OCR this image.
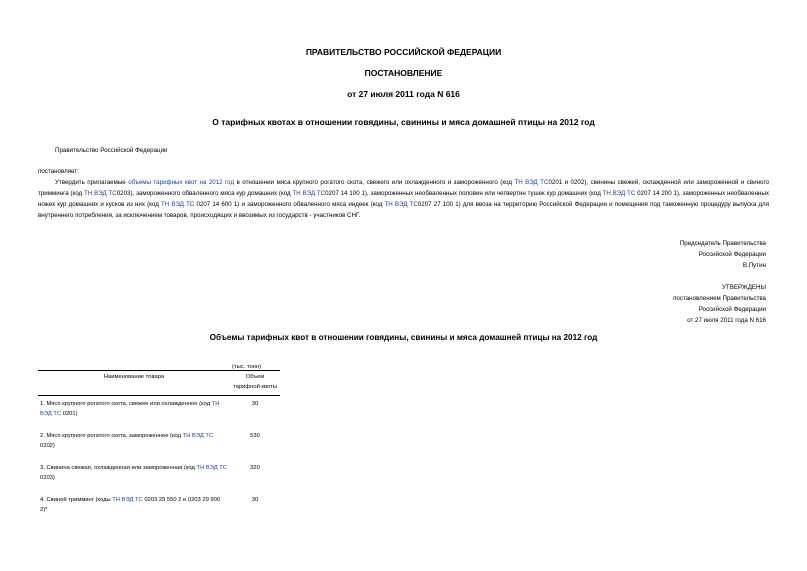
ПРАВИТЕЛЬСТВО РОССИЙСКОЙ ФЕДЕРАЦИИ
ПОСТАНОВЛЕНИЕ
от 27 июля 2011 года N 616
О тарифных квотах в отношении говядины, свинины и мяса домашней птицы на 2012 год
Правительство Российской Федерации
постановляет:
Утвердить прилагаемые объемы тарифных квот на 2012 год в отношении мяса крупного рогатого скота, свежего или охлажденного и замороженного (код ТН ВЭД ТС0201 и 0202), свинины свежей, охлажденной или замороженной и свиного тримминга (код ТН ВЭД ТС0203), замороженного обваленного мяса кур домашних (код ТН ВЭД ТС0207 14 100 1), замороженных необваленных половин или четвертин тушек кур домашних (код ТН ВЭД ТС 0207 14 200 1), замороженных необваленных ножек кур домашних и кусков из них (код ТН ВЭД ТС 0207 14 600 1) и замороженного обваленного мяса индеек (код ТН ВЭД ТС0207 27 100 1) для ввоза на территорию Российской Федерации и помещения под таможенную процедуру выпуска для внутреннего потребления, за исключением товаров, происходящих и ввозимых из государств - участников СНГ.
Председатель Правительства
Российской Федерации
В.Путин
УТВЕРЖДЕНЫ
постановлением Правительства
Российской Федерации
от 27 июля 2011 года N 616
Объемы тарифных квот в отношении говядины, свинины и мяса домашней птицы на 2012 год
(тыс. тонн)
Наименование товара	Объем тарифной квоты
1. Мясо крупного рогатого скота, свежее или охлажденное (код ТН ВЭД ТС 0201)	30
2. Мясо крупного рогатого скота, замороженное (код ТН ВЭД ТС 0202)	530
3. Свинина свежая, охлажденная или замороженная (код ТН ВЭД ТС 0203)	320
4. Свиной тримминг (коды ТН ВЭД ТС 0203 29 550 2 и 0203 29 900 2)*	30
